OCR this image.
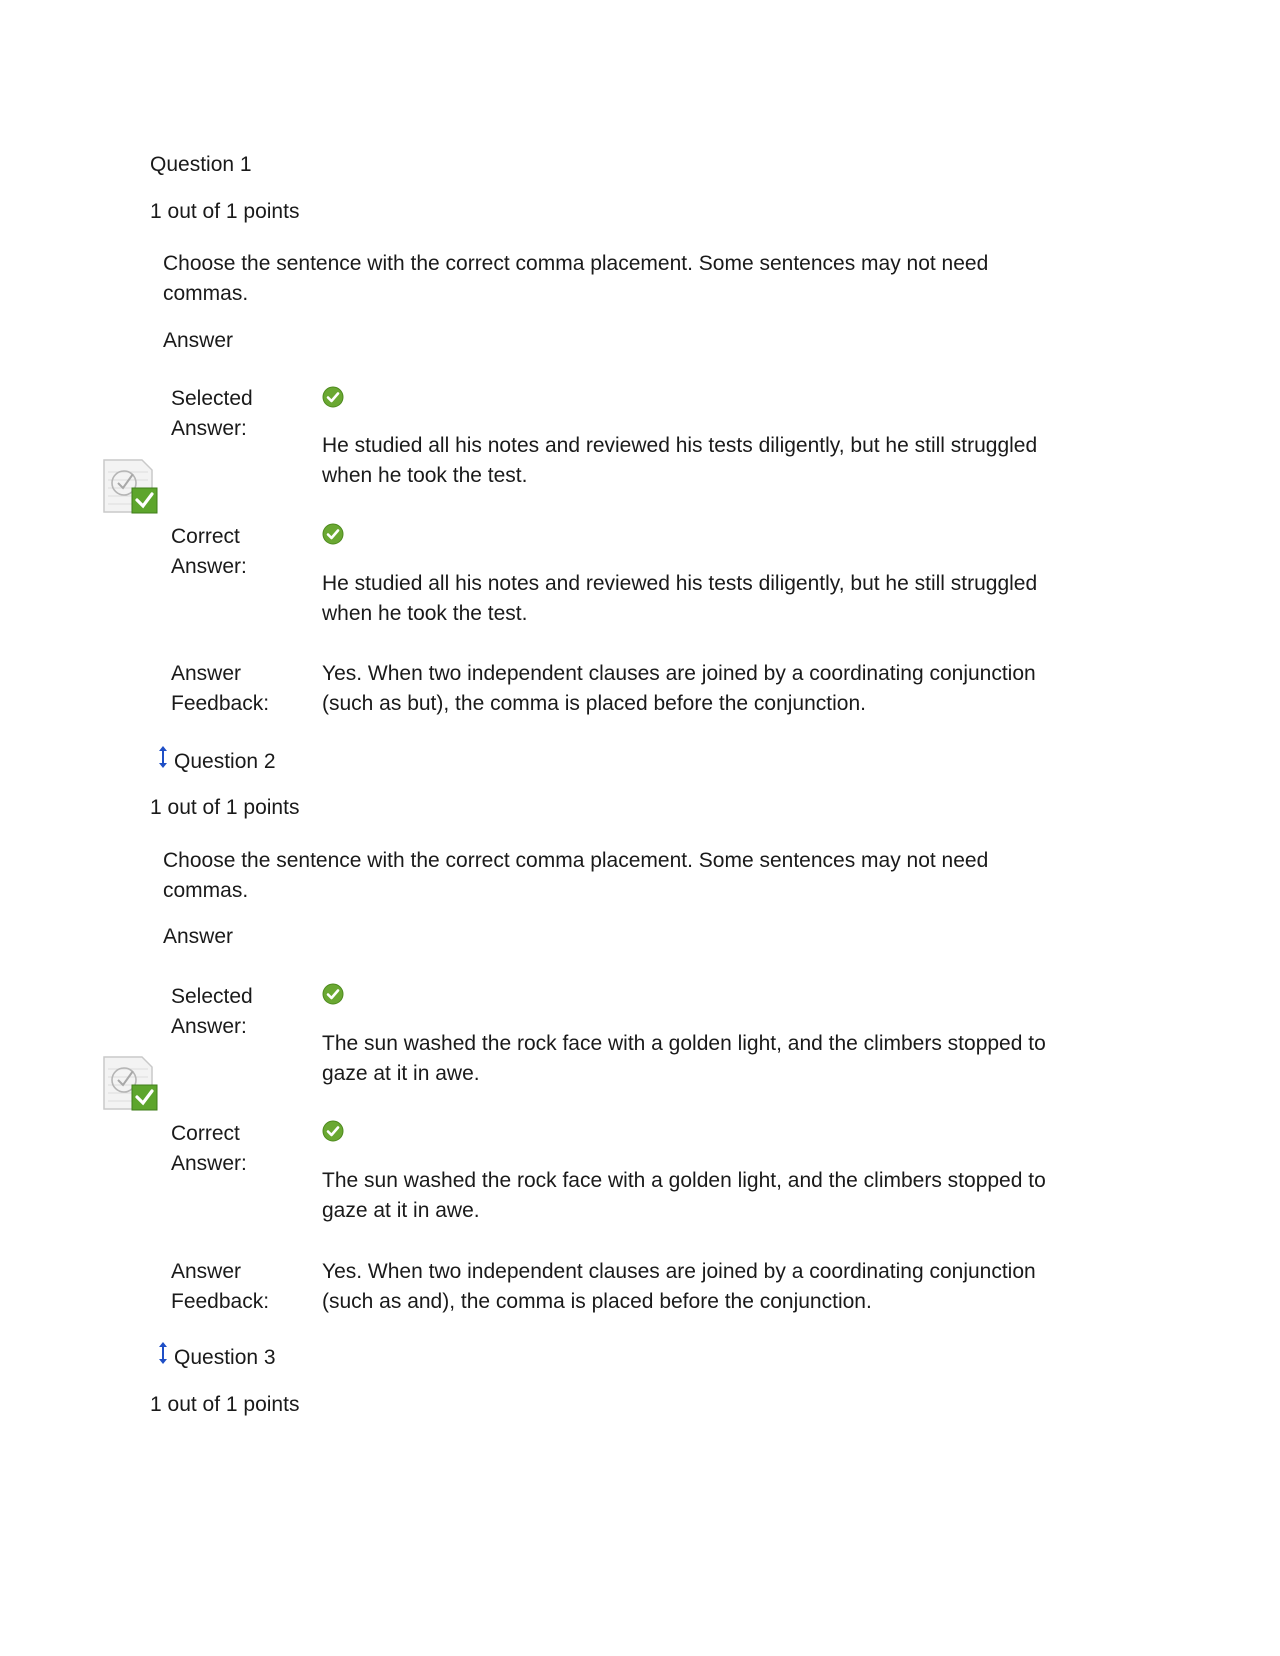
Question 1
1 out of 1 points
Choose the sentence with the correct comma placement. Some sentences may not need commas.
Answer
Selected
Answer:
He studied all his notes and reviewed his tests diligently, but he still struggled when he took the test.
Correct
Answer:
He studied all his notes and reviewed his tests diligently, but he still struggled when he took the test.
Answer
Feedback:
Yes. When two independent clauses are joined by a coordinating conjunction (such as but), the comma is placed before the conjunction.
Question 2
1 out of 1 points
Choose the sentence with the correct comma placement. Some sentences may not need commas.
Answer
Selected
Answer:
The sun washed the rock face with a golden light, and the climbers stopped to gaze at it in awe.
Correct
Answer:
The sun washed the rock face with a golden light, and the climbers stopped to gaze at it in awe.
Answer
Feedback:
Yes. When two independent clauses are joined by a coordinating conjunction (such as and), the comma is placed before the conjunction.
Question 3
1 out of 1 points
